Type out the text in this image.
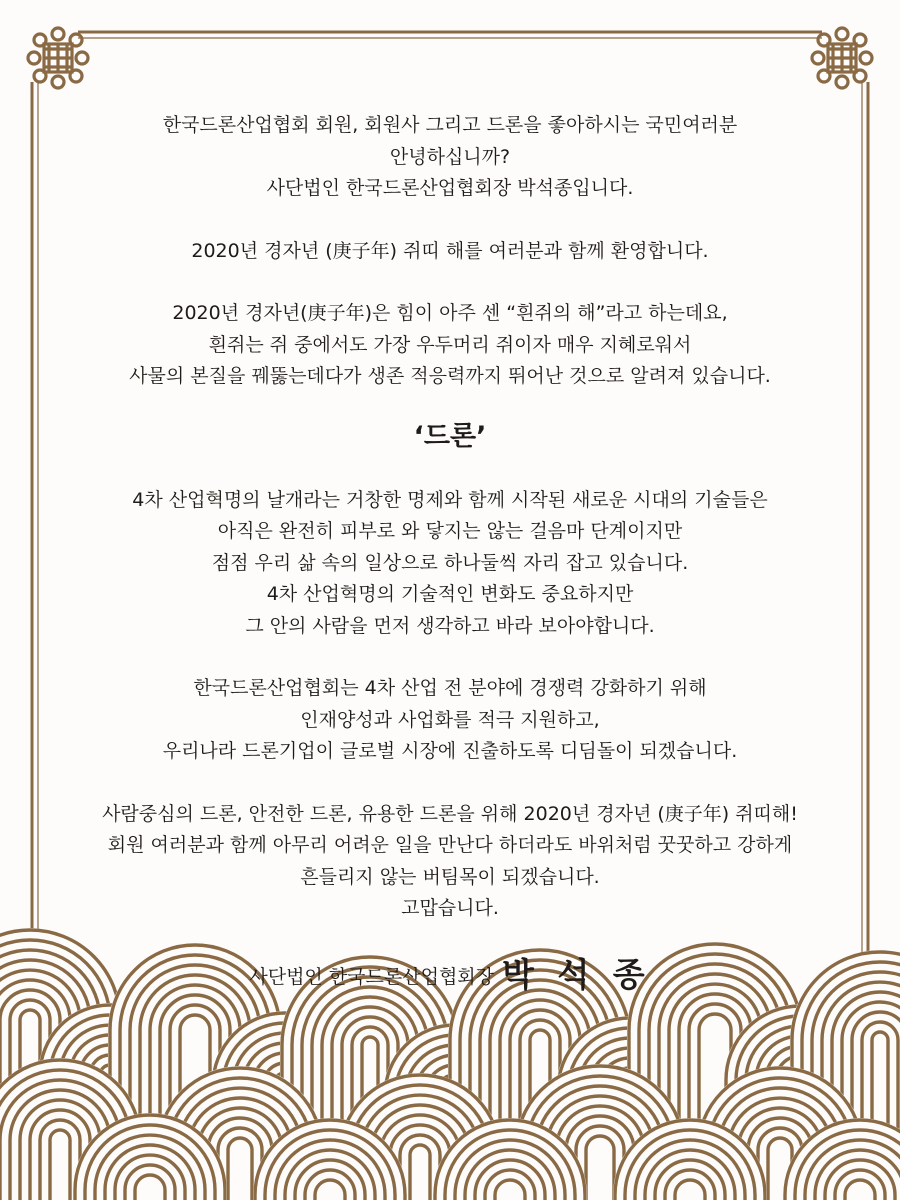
한국드론산업협회 회원, 회원사 그리고 드론을 좋아하시는 국민여러분
안녕하십니까?
사단법인 한국드론산업협회장 박석종입니다.

2020년 경자년 (庚子年) 쥐띠 해를 여러분과 함께 환영합니다.

2020년 경자년(庚子年)은 힘이 아주 센 “흰쥐의 해”라고 하는데요,
흰쥐는 쥐 중에서도 가장 우두머리 쥐이자 매우 지혜로워서
사물의 본질을 꿰뚫는데다가 생존 적응력까지 뛰어난 것으로 알려져 있습니다.

‘드론’

4차 산업혁명의 날개라는 거창한 명제와 함께 시작된 새로운 시대의 기술들은
아직은 완전히 피부로 와 닿지는 않는 걸음마 단계이지만
점점 우리 삶 속의 일상으로 하나둘씩 자리 잡고 있습니다.
4차 산업혁명의 기술적인 변화도 중요하지만
그 안의 사람을 먼저 생각하고 바라 보아야합니다.

한국드론산업협회는 4차 산업 전 분야에 경쟁력 강화하기 위해
인재양성과 사업화를 적극 지원하고,
우리나라 드론기업이 글로벌 시장에 진출하도록 디딤돌이 되겠습니다.

사람중심의 드론, 안전한 드론, 유용한 드론을 위해 2020년 경자년 (庚子年) 쥐띠해!
회원 여러분과 함께 아무리 어려운 일을 만난다 하더라도 바위처럼 꿋꿋하고 강하게
흔들리지 않는 버팀목이 되겠습니다.
고맙습니다.

사단법인 한국드론산업협회장 박 석 종
